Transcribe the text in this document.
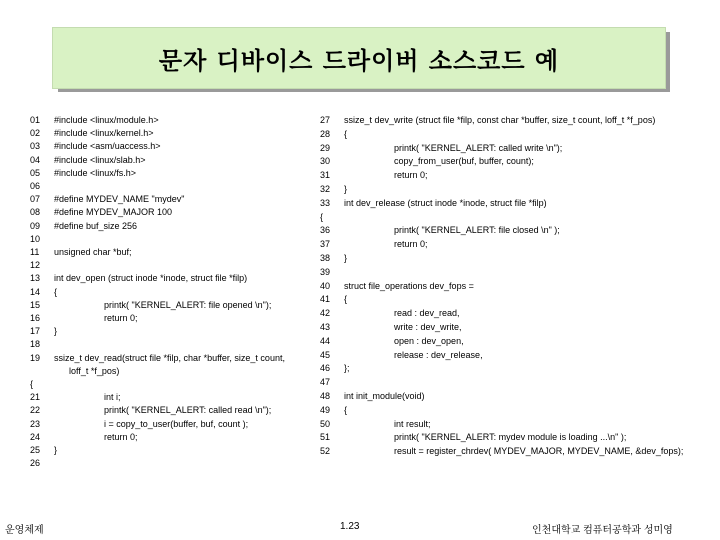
문자 디바이스 드라이버 소스코드 예
01 #include <linux/module.h>
02 #include <linux/kernel.h>
03 #include <asm/uaccess.h>
04 #include <linux/slab.h>
05 #include <linux/fs.h>
06
07 #define MYDEV_NAME "mydev"
08 #define MYDEV_MAJOR 100
09 #define buf_size 256
10
11 unsigned char *buf;
12
13 int dev_open (struct inode *inode, struct file *filp)
14 {
15                    printk( "KERNEL_ALERT: file opened \n");
16                    return 0;
17 }
18
19 ssize_t dev_read(struct file *filp, char *buffer, size_t count,
loff_t *f_pos)
{
21                    int i;
22                    printk( "KERNEL_ALERT: called read \n");
23                    i = copy_to_user(buffer, buf, count );
24                    return 0;
25 }
26
27 ssize_t dev_write (struct file *filp, const char *buffer, size_t count, loff_t *f_pos)
28 {
29                    printk( "KERNEL_ALERT: called write \n");
30                    copy_from_user(buf, buffer, count);
31                    return 0;
32 }
33 int dev_release (struct inode *inode, struct file *filp)
{
36                    printk( "KERNEL_ALERT: file closed \n" );
37                    return 0;
38 }
39
40 struct file_operations dev_fops =
41 {
42                    read : dev_read,
43                    write : dev_write,
44                    open : dev_open,
45                    release : dev_release,
46 };
47
48 int init_module(void)
49 {
50                    int result;
51                    printk( "KERNEL_ALERT: mydev module is loading ...\n" );
52                    result = register_chrdev( MYDEV_MAJOR, MYDEV_NAME, &dev_fops);
운영체제	1.23	인천대학교 컴퓨터공학과 성미영
